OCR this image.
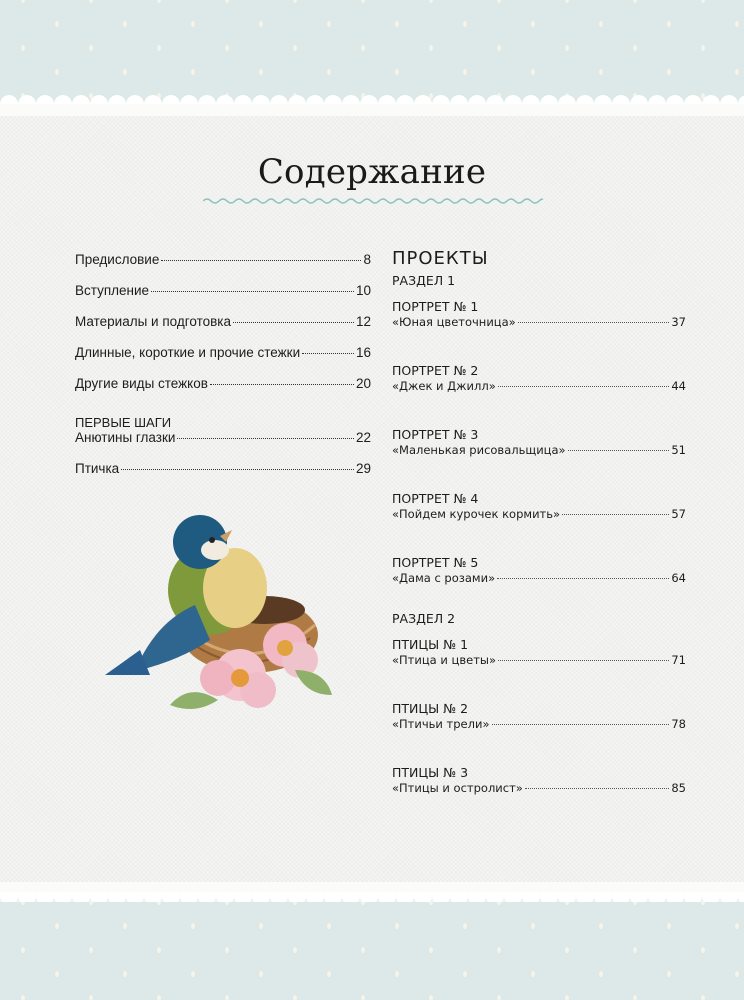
Содержание
Предисловие	8
Вступление	10
Материалы и подготовка	12
Длинные, короткие и прочие стежки	16
Другие виды стежков	20
ПЕРВЫЕ ШАГИ
Анютины глазки	22
Птичка	29
ПРОЕКТЫ
РАЗДЕЛ 1
ПОРТРЕТ № 1
«Юная цветочница»	37
ПОРТРЕТ № 2
«Джек и Джилл»	44
ПОРТРЕТ № 3
«Маленькая рисовальщица»	51
ПОРТРЕТ № 4
«Пойдем курочек кормить»	57
ПОРТРЕТ № 5
«Дама с розами»	64
РАЗДЕЛ 2
ПТИЦЫ № 1
«Птица и цветы»	71
ПТИЦЫ № 2
«Птичьи трели»	78
ПТИЦЫ № 3
«Птицы и остролист»	85
